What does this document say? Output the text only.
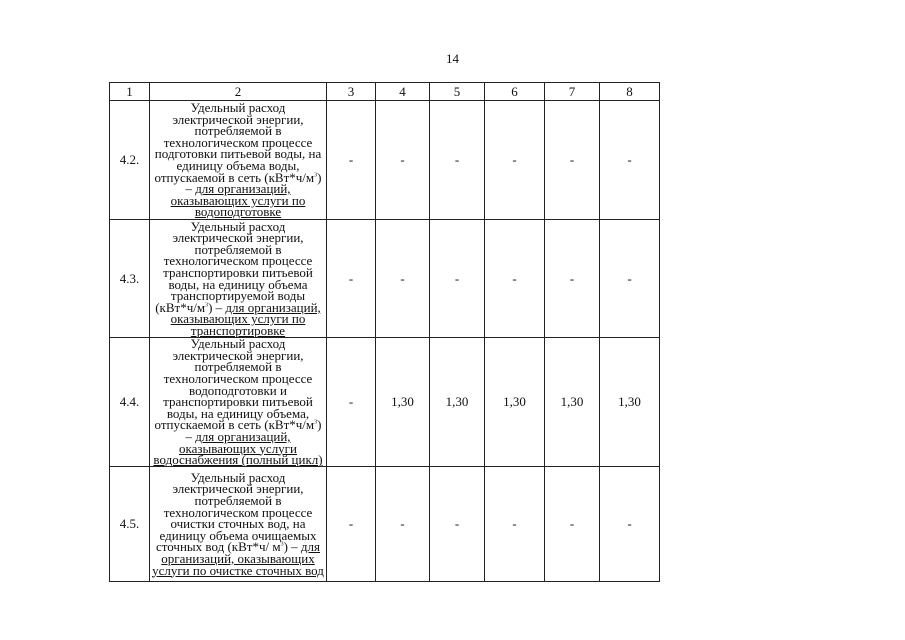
14
1	2	3	4	5	6	7	8
4.2.	Удельный расход электрической энергии, потребляемой в технологическом процессе подготовки питьевой воды, на единицу объема воды, отпускаемой в сеть $(кВт*ч/м^3)$ – для организаций, оказывающих услуги по водоподготовке	-	-	-	-	-	-
4.3.	Удельный расход электрической энергии, потребляемой в технологическом процессе транспортировки питьевой воды, на единицу объема транспортируемой воды $(кВт*ч/м^3)$ – для организаций, оказывающих услуги по транспортировке	-	-	-	-	-	-
4.4.	Удельный расход электрической энергии, потребляемой в технологическом процессе водоподготовки и транспортировки питьевой воды, на единицу объема, отпускаемой в сеть $(кВт*ч/м^3)$ – для организаций, оказывающих услуги водоснабжения (полный цикл)	-	1,30	1,30	1,30	1,30	1,30
4.5.	Удельный расход электрической энергии, потребляемой в технологическом процессе очистки сточных вод, на единицу объема очищаемых сточных вод (кВт*ч/ $м^3$) – для организаций, оказывающих услуги по очистке сточных вод	-	-	-	-	-	-
